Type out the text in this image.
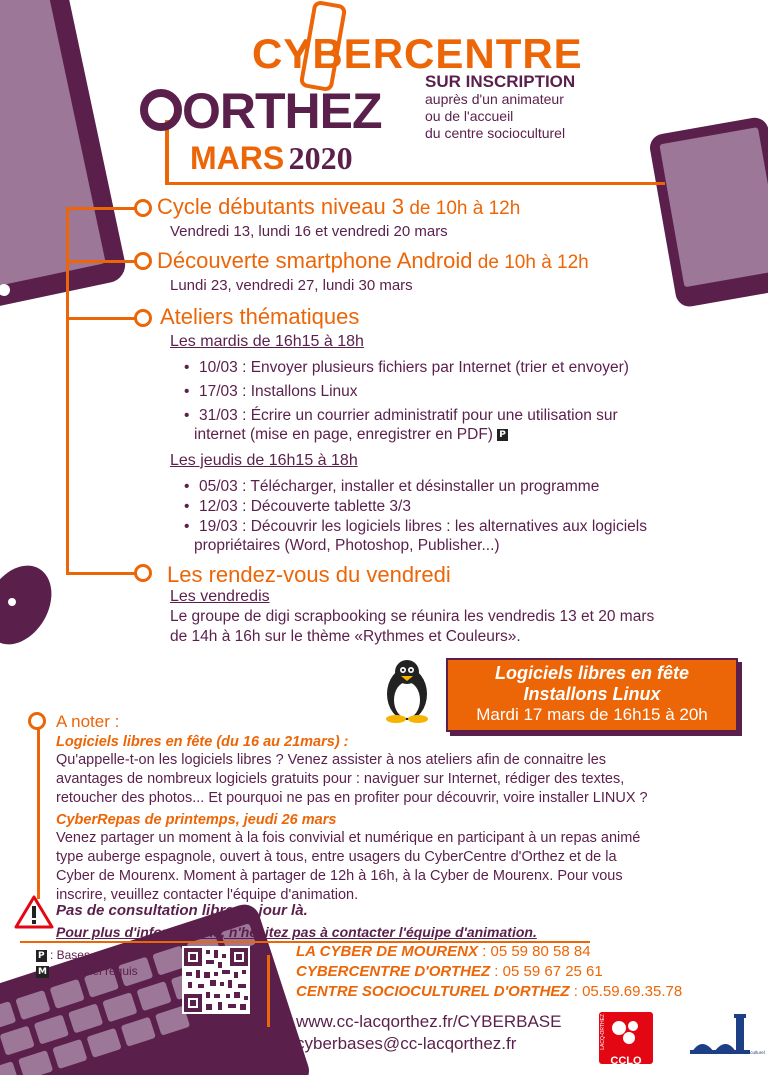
CYBERCENTRE
ORTHEZ
MARS 2020
SUR INSCRIPTION
auprès d'un animateur
ou de l'accueil
du centre socioculturel
Cycle débutants niveau 3 de 10h à 12h
Vendredi 13, lundi 16 et vendredi 20 mars
Découverte smartphone Android de 10h à 12h
Lundi 23, vendredi 27, lundi 30 mars
Ateliers thématiques
Les mardis de 16h15 à 18h
• 10/03 : Envoyer plusieurs fichiers par Internet (trier et envoyer)
• 17/03 : Installons Linux
• 31/03 : Écrire un courrier administratif pour une utilisation sur
internet (mise en page, enregistrer en PDF) P
Les jeudis de 16h15 à 18h
• 05/03 : Télécharger, installer et désinstaller un programme
• 12/03 : Découverte tablette 3/3
• 19/03 : Découvrir les logiciels libres : les alternatives aux logiciels
propriétaires (Word, Photoshop, Publisher...)
Les rendez-vous du vendredi
Les vendredis
Le groupe de digi scrapbooking se réunira les vendredis 13 et 20 mars
de 14h à 16h sur le thème «Rythmes et Couleurs».
Logiciels libres en fête
Installons Linux
Mardi 17 mars de 16h15 à 20h
A noter :
Logiciels libres en fête (du 16 au 21mars) :
Qu'appelle-t-on les logiciels libres ? Venez assister à nos ateliers afin de connaitre les
avantages de nombreux logiciels gratuits pour : naviguer sur Internet, rédiger des textes,
retoucher des photos... Et pourquoi ne pas en profiter pour découvrir, voire installer LINUX ?
CyberRepas de printemps, jeudi 26 mars
Venez partager un moment à la fois convivial et numérique en participant à un repas animé
type auberge espagnole, ouvert à tous, entre usagers du CyberCentre d'Orthez et de la
Cyber de Mourenx. Moment à partager de 12h à 16h, à la Cyber de Mourenx. Pour vous
inscrire, veuillez contacter l'équipe d'animation.
Pas de consultation libre ce jour là.
Pour plus d'informations, n'hésitez pas à contacter l'équipe d'animation.
P : Bases requises
M : Matériel requis
LA CYBER DE MOURENX : 05 59 80 58 84
CYBERCENTRE D'ORTHEZ : 05 59 67 25 61
CENTRE SOCIOCULTUREL D'ORTHEZ : 05.59.69.35.78
www.cc-lacqorthez.fr/CYBERBASE
cyberbases@cc-lacqorthez.fr
CCLO
LACQ-ORTHEZ
centre socioculturel
